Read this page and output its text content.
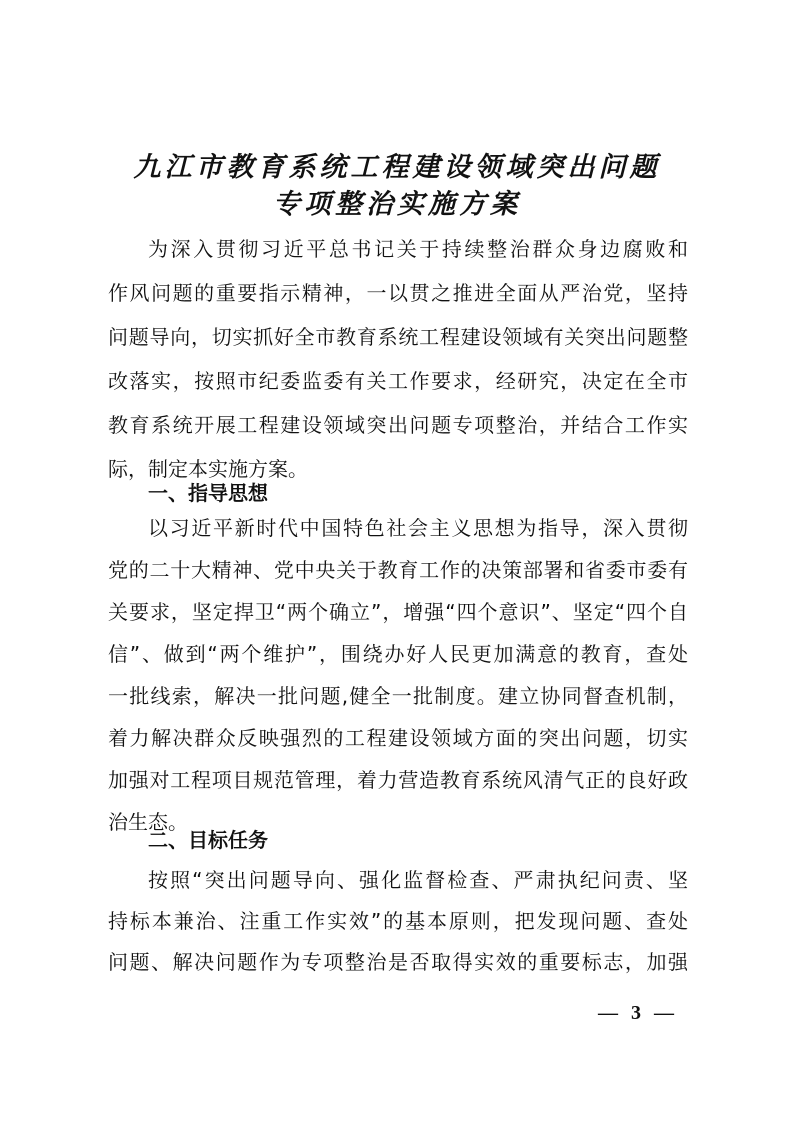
九江市教育系统工程建设领域突出问题
专项整治实施方案
为深入贯彻习近平总书记关于持续整治群众身边腐败和
作风问题的重要指示精神，一以贯之推进全面从严治党，坚持
问题导向，切实抓好全市教育系统工程建设领域有关突出问题整
改落实，按照市纪委监委有关工作要求，经研究，决定在全市
教育系统开展工程建设领域突出问题专项整治，并结合工作实
际，制定本实施方案。
一、指导思想
以习近平新时代中国特色社会主义思想为指导，深入贯彻
党的二十大精神、党中央关于教育工作的决策部署和省委市委有
关要求，坚定捍卫“两个确立”，增强“四个意识”、坚定“四个自
信”、做到“两个维护”，围绕办好人民更加满意的教育，查处
一批线索，解决一批问题,健全一批制度。建立协同督查机制，
着力解决群众反映强烈的工程建设领域方面的突出问题，切实
加强对工程项目规范管理，着力营造教育系统风清气正的良好政
治生态。
二、目标任务
按照“突出问题导向、强化监督检查、严肃执纪问责、坚
持标本兼治、注重工作实效”的基本原则，把发现问题、查处
问题、解决问题作为专项整治是否取得实效的重要标志，加强
— 3 —
